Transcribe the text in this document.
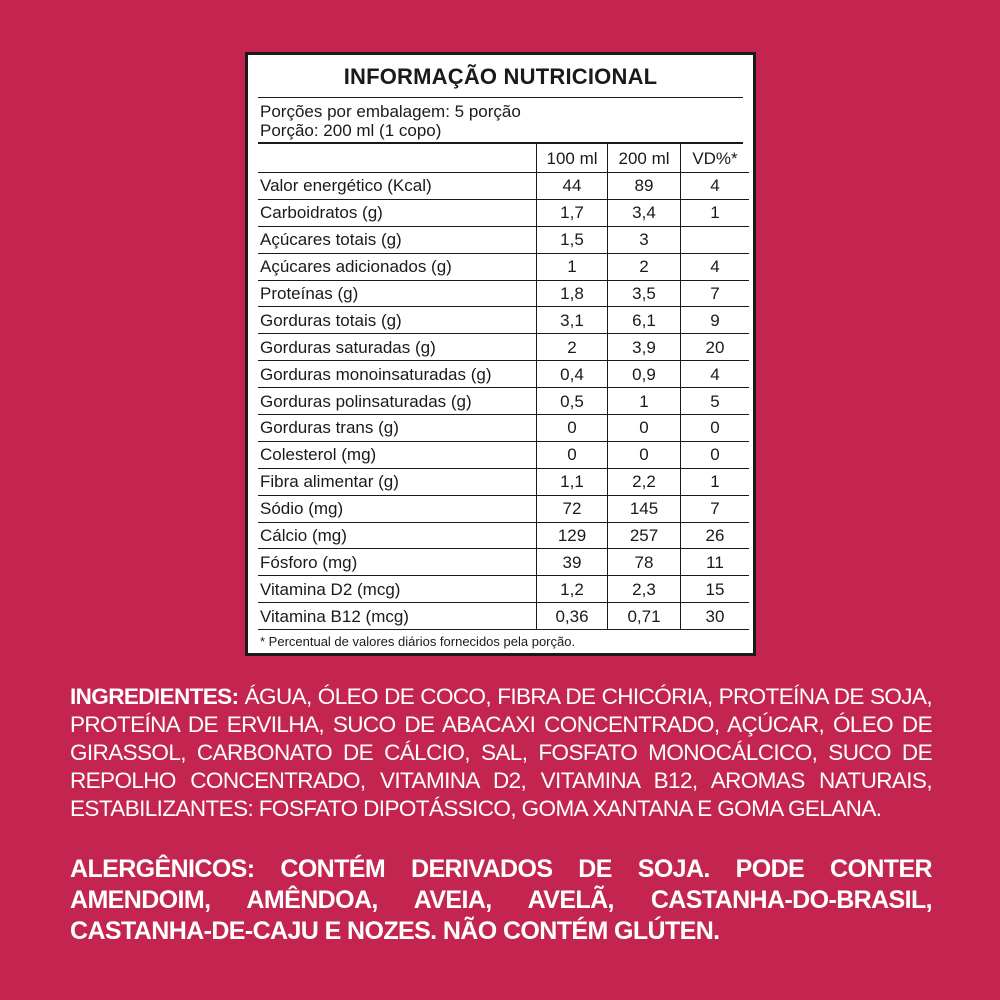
INFORMAÇÃO NUTRICIONAL
Porções por embalagem: 5 porção
Porção: 200 ml (1 copo)
	100 ml	200 ml	VD%*
Valor energético (Kcal)	44	89	4
Carboidratos (g)	1,7	3,4	1
Açúcares totais (g)	1,5	3	
Açúcares adicionados (g)	1	2	4
Proteínas (g)	1,8	3,5	7
Gorduras totais (g)	3,1	6,1	9
Gorduras saturadas (g)	2	3,9	20
Gorduras monoinsaturadas (g)	0,4	0,9	4
Gorduras polinsaturadas (g)	0,5	1	5
Gorduras trans (g)	0	0	0
Colesterol (mg)	0	0	0
Fibra alimentar (g)	1,1	2,2	1
Sódio (mg)	72	145	7
Cálcio (mg)	129	257	26
Fósforo (mg)	39	78	11
Vitamina D2 (mcg)	1,2	2,3	15
Vitamina B12 (mcg)	0,36	0,71	30
* Percentual de valores diários fornecidos pela porção.

INGREDIENTES: ÁGUA, ÓLEO DE COCO, FIBRA DE CHICÓRIA, PROTEÍNA DE SOJA, PROTEÍNA DE ERVILHA, SUCO DE ABACAXI CONCENTRADO, AÇÚCAR, ÓLEO DE GIRASSOL, CARBONATO DE CÁLCIO, SAL, FOSFATO MONOCÁLCICO, SUCO DE REPOLHO CONCENTRADO, VITAMINA D2, VITAMINA B12, AROMAS NATURAIS, ESTABILIZANTES: FOSFATO DIPOTÁSSICO, GOMA XANTANA E GOMA GELANA.

ALERGÊNICOS: CONTÉM DERIVADOS DE SOJA. PODE CONTER AMENDOIM, AMÊNDOA, AVEIA, AVELÃ, CASTANHA-DO-BRASIL, CASTANHA-DE-CAJU E NOZES. NÃO CONTÉM GLÚTEN.
